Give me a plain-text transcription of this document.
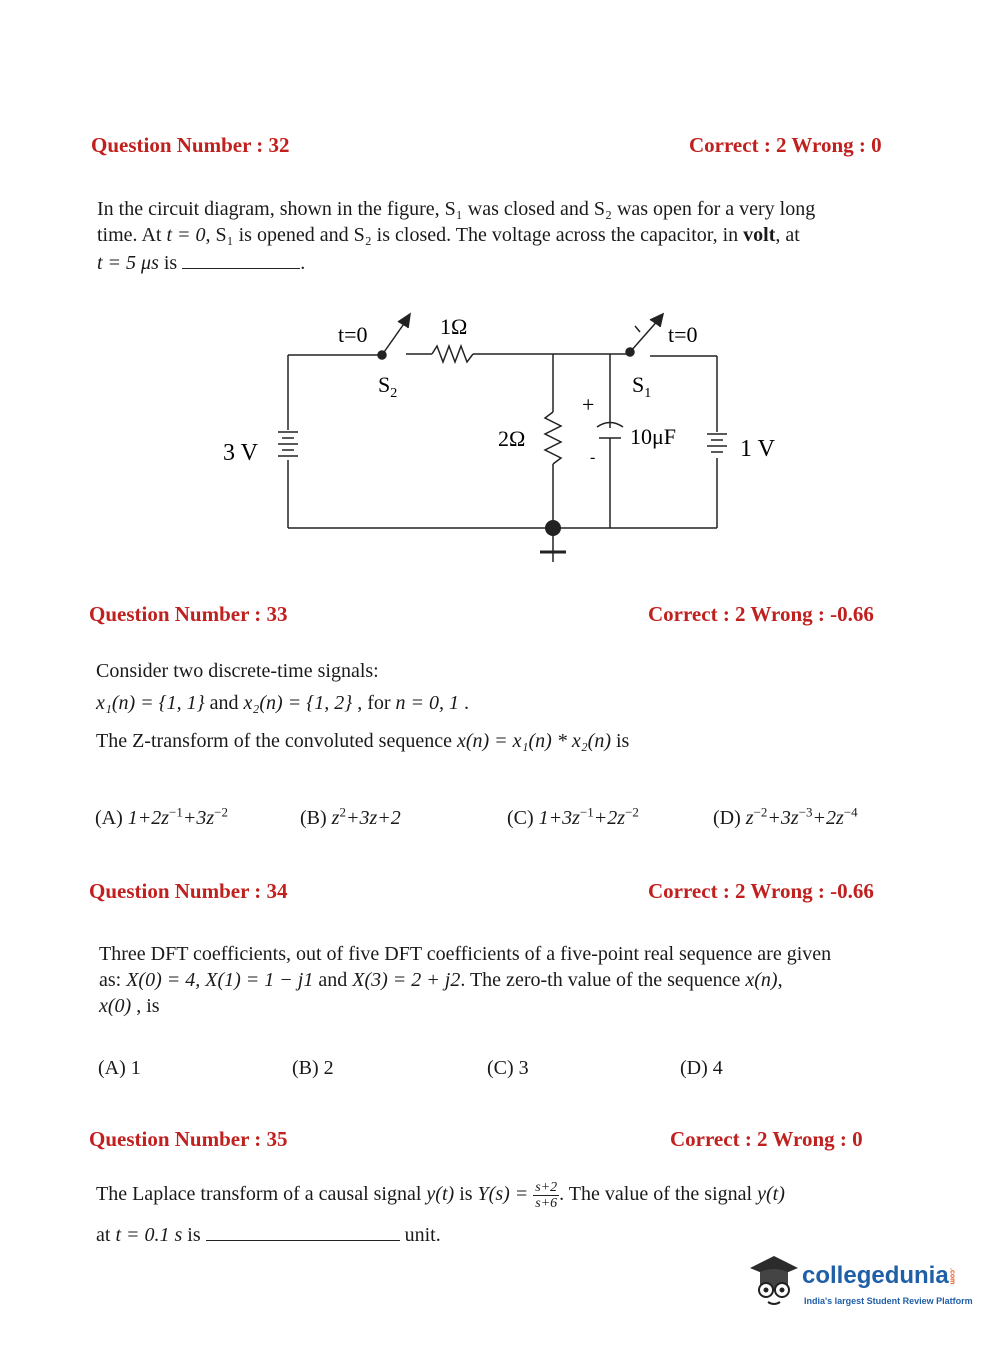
Question Number : 32	Correct : 2 Wrong : 0
In the circuit diagram, shown in the figure, S₁ was closed and S₂ was open for a very long
time. At t = 0, S₁ is opened and S₂ is closed. The voltage across the capacitor, in volt, at
t = 5 μs is	.
t=0	1Ω
$S_2$
t=0
$S_1$
3 V
2Ω
+
10μF
-	1 V
Question Number : 33	Correct : 2 Wrong : -0.66
Consider two discrete-time signals:
x₁(n) = {1, 1} and x₂(n) = {1, 2} , for n = 0, 1 .
The Z-transform of the convoluted sequence x(n) = x₁(n) * x₂(n) is
(A) $1+2z^{-1}+3z^{-2}$	(B) $z^2+3z+2$	(C) $1+3z^{-1}+2z^{-2}$	(D) $z^{-2}+3z^{-3}+2z^{-4}$
Question Number : 34	Correct : 2 Wrong : -0.66
Three DFT coefficients, out of five DFT coefficients of a five-point real sequence are given
as: X(0) = 4, X(1) = 1 − j1 and X(3) = 2 + j2. The zero-th value of the sequence x(n),
x(0) , is
(A) 1	(B) 2	(C) 3	(D) 4
Question Number : 35	Correct : 2 Wrong : 0
The Laplace transform of a causal signal y(t) is $Y(s) = \frac{s+2}{s+6}$ . The value of the signal y(t)
at t = 0.1 s is	unit.
collegedunia.com
India's largest Student Review Platform
